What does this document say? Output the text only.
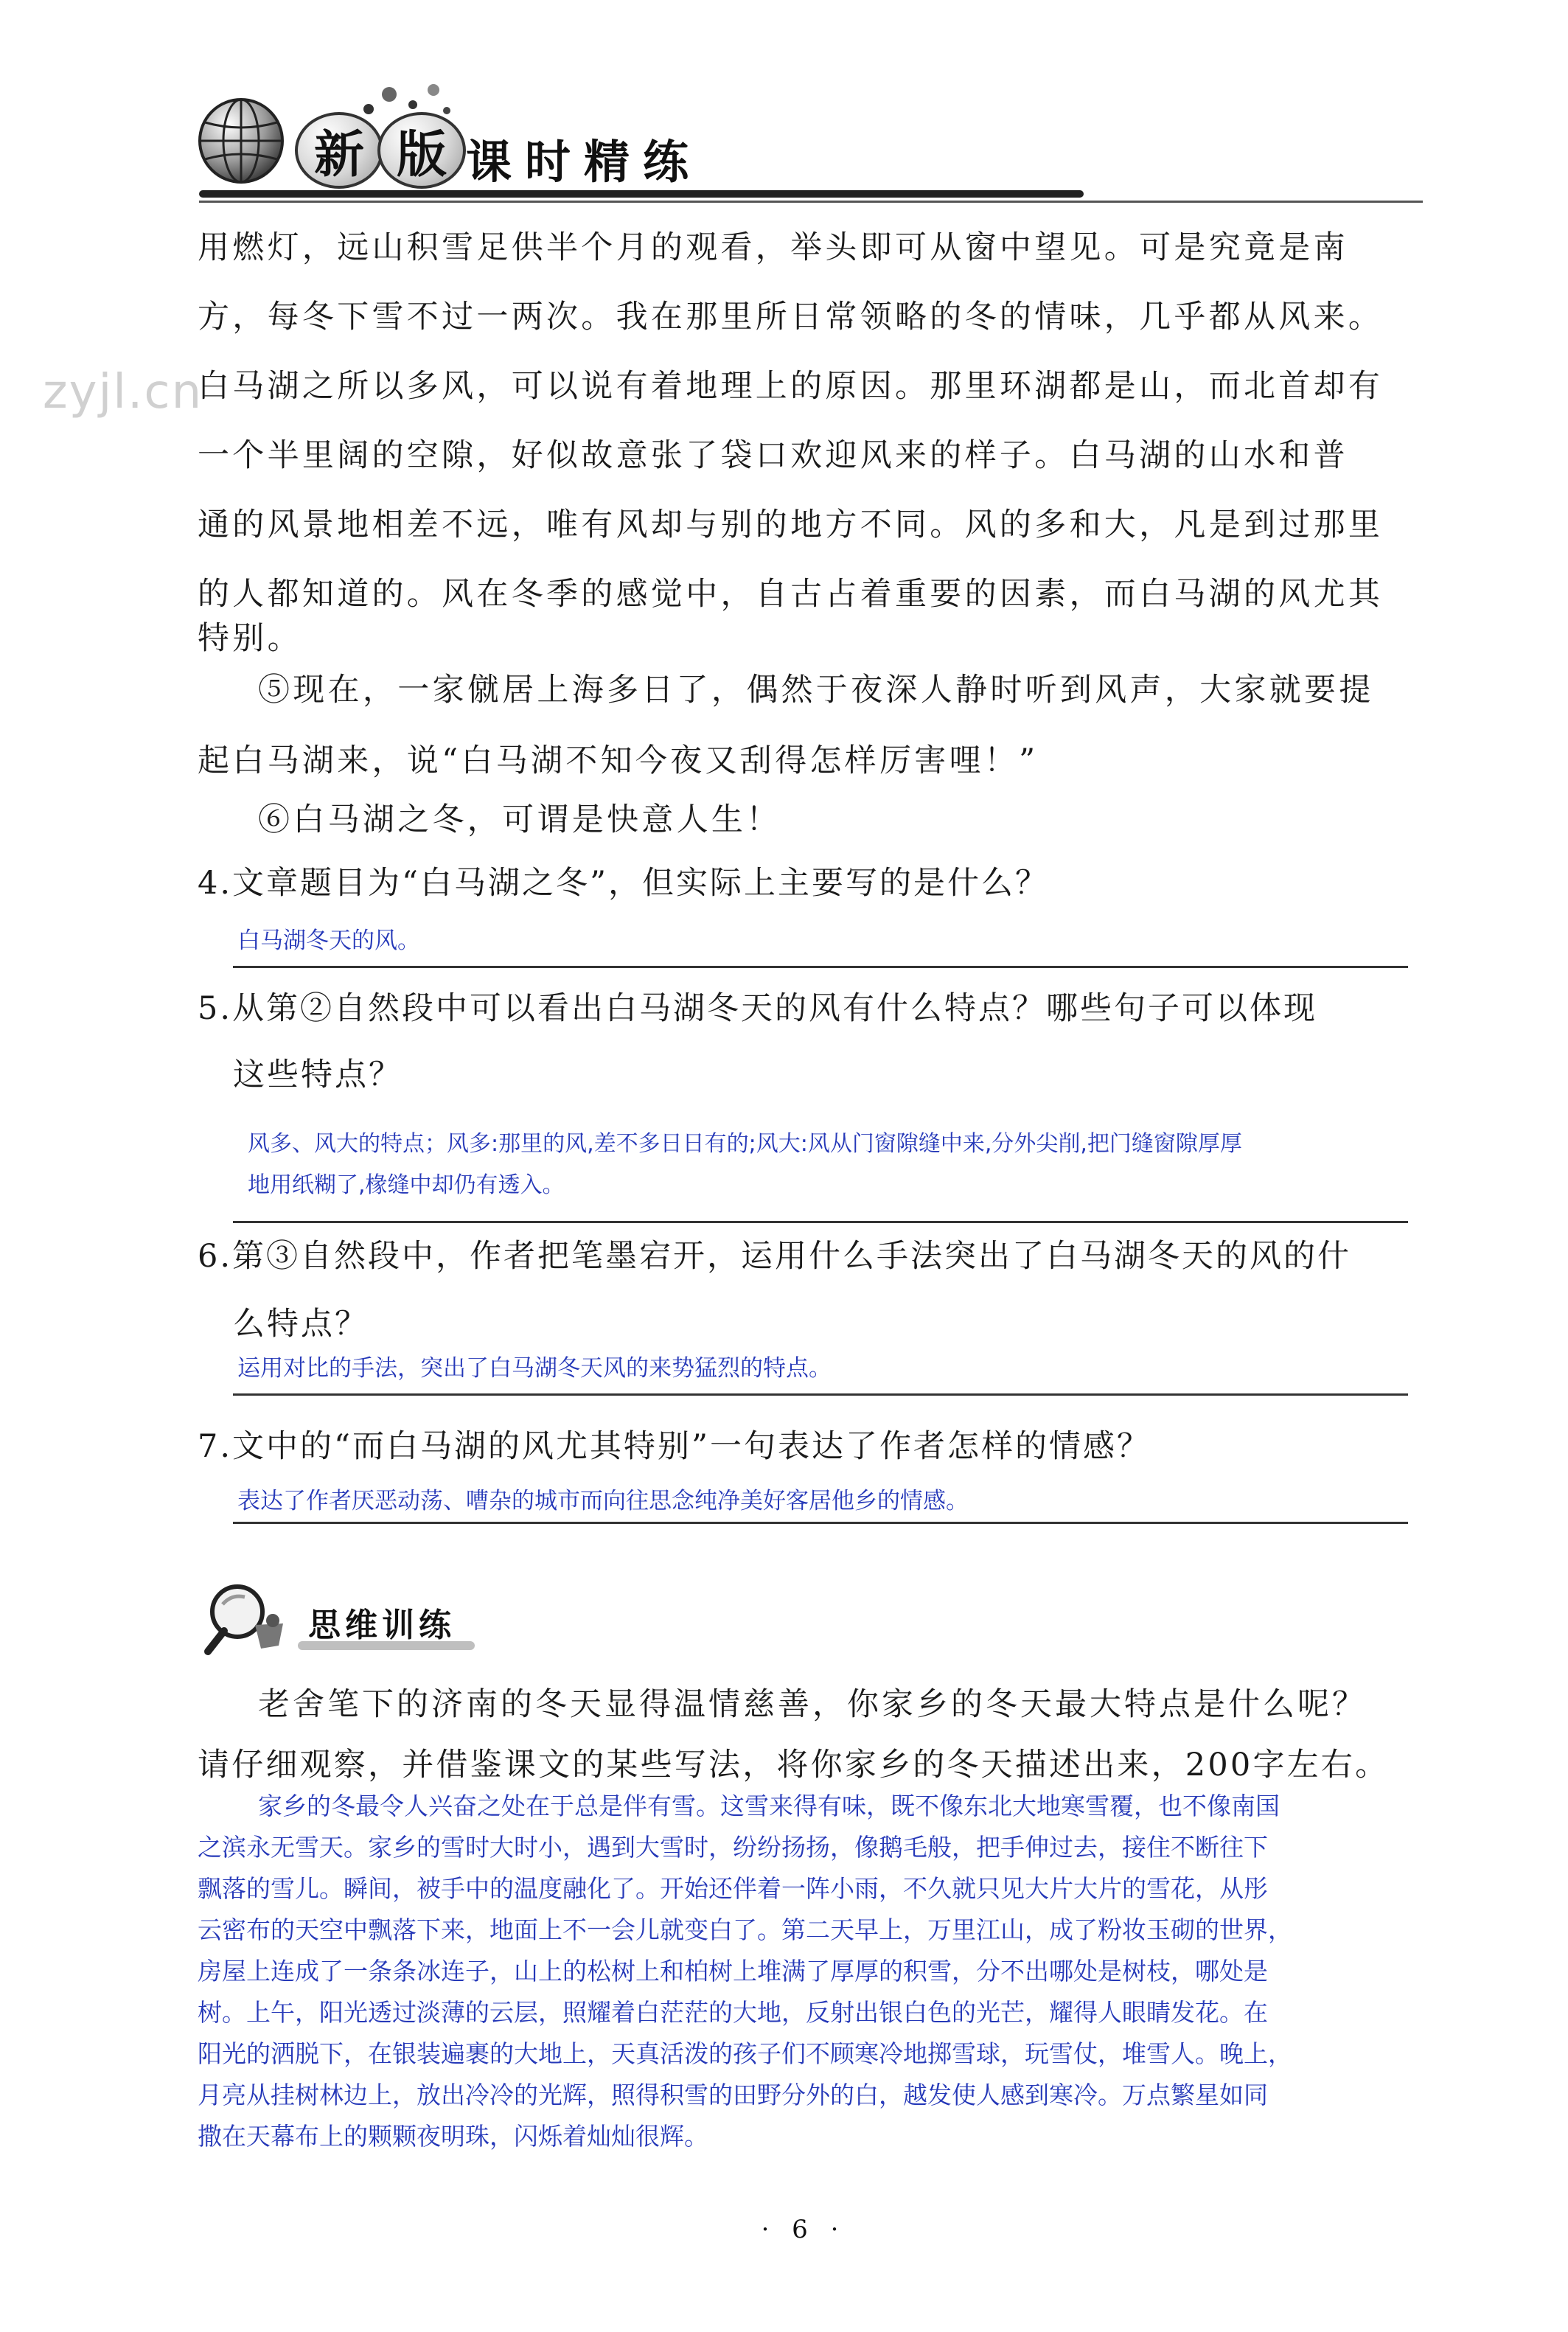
新 版 课时精练
zyjl.cn
用燃灯，远山积雪足供半个月的观看，举头即可从窗中望见。可是究竟是南
方，每冬下雪不过一两次。我在那里所日常领略的冬的情味，几乎都从风来。
白马湖之所以多风，可以说有着地理上的原因。那里环湖都是山，而北首却有
一个半里阔的空隙，好似故意张了袋口欢迎风来的样子。白马湖的山水和普
通的风景地相差不远，唯有风却与别的地方不同。风的多和大，凡是到过那里
的人都知道的。风在冬季的感觉中，自古占着重要的因素，而白马湖的风尤其
特别。
⑤现在，一家僦居上海多日了，偶然于夜深人静时听到风声，大家就要提
起白马湖来，说“白马湖不知今夜又刮得怎样厉害哩！”
⑥白马湖之冬，可谓是快意人生！
4.文章题目为“白马湖之冬”，但实际上主要写的是什么？
白马湖冬天的风。
5.从第②自然段中可以看出白马湖冬天的风有什么特点？哪些句子可以体现
这些特点？
风多、风大的特点；风多:那里的风,差不多日日有的;风大:风从门窗隙缝中来,分外尖削,把门缝窗隙厚厚
地用纸糊了,椽缝中却仍有透入。
6.第③自然段中，作者把笔墨宕开，运用什么手法突出了白马湖冬天的风的什
么特点？
运用对比的手法，突出了白马湖冬天风的来势猛烈的特点。
7.文中的“而白马湖的风尤其特别”一句表达了作者怎样的情感？
表达了作者厌恶动荡、嘈杂的城市而向往思念纯净美好客居他乡的情感。
思维训练
老舍笔下的济南的冬天显得温情慈善，你家乡的冬天最大特点是什么呢？
请仔细观察，并借鉴课文的某些写法，将你家乡的冬天描述出来，200字左右。
家乡的冬最令人兴奋之处在于总是伴有雪。这雪来得有味，既不像东北大地寒雪覆，也不像南国
之滨永无雪天。家乡的雪时大时小，遇到大雪时，纷纷扬扬，像鹅毛般，把手伸过去，接住不断往下
飘落的雪儿。瞬间，被手中的温度融化了。开始还伴着一阵小雨，不久就只见大片大片的雪花，从彤
云密布的天空中飘落下来，地面上不一会儿就变白了。第二天早上，万里江山，成了粉妆玉砌的世界，
房屋上连成了一条条冰连子，山上的松树上和柏树上堆满了厚厚的积雪，分不出哪处是树枝，哪处是
树。上午，阳光透过淡薄的云层，照耀着白茫茫的大地，反射出银白色的光芒，耀得人眼睛发花。在
阳光的洒脱下，在银装遍裹的大地上，天真活泼的孩子们不顾寒冷地掷雪球，玩雪仗，堆雪人。晚上，
月亮从挂树林边上，放出冷冷的光辉，照得积雪的田野分外的白，越发使人感到寒冷。万点繁星如同
撒在天幕布上的颗颗夜明珠，闪烁着灿灿很辉。
· 6 ·
